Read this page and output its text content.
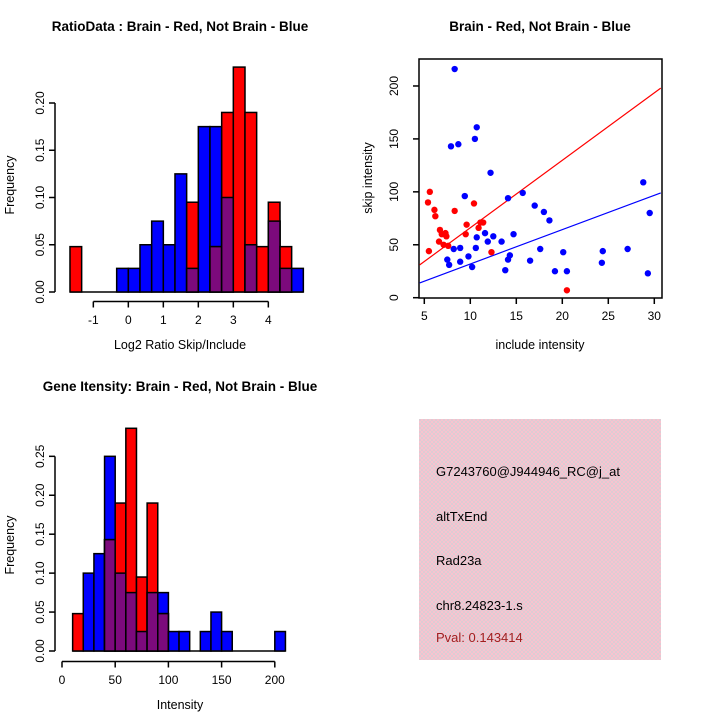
RatioData : Brain - Red, Not Brain - Blue
Log2 Ratio Skip/Include
Frequency
-1 0 1 2 3 4
0.00
0.05
0.10
0.15
0.20
Brain - Red, Not Brain - Blue
include intensity
skip intensity
5	10	15	20	25	30
0
50
100
150
200
Gene Itensity: Brain - Red, Not Brain - Blue
Intensity
Frequency
0	50	100	150	200
0.00
0.05
0.10
0.15
0.20
0.25
G7243760@J944946_RC@j_at
altTxEnd
Rad23a
chr8.24823-1.s
Pval: 0.143414
